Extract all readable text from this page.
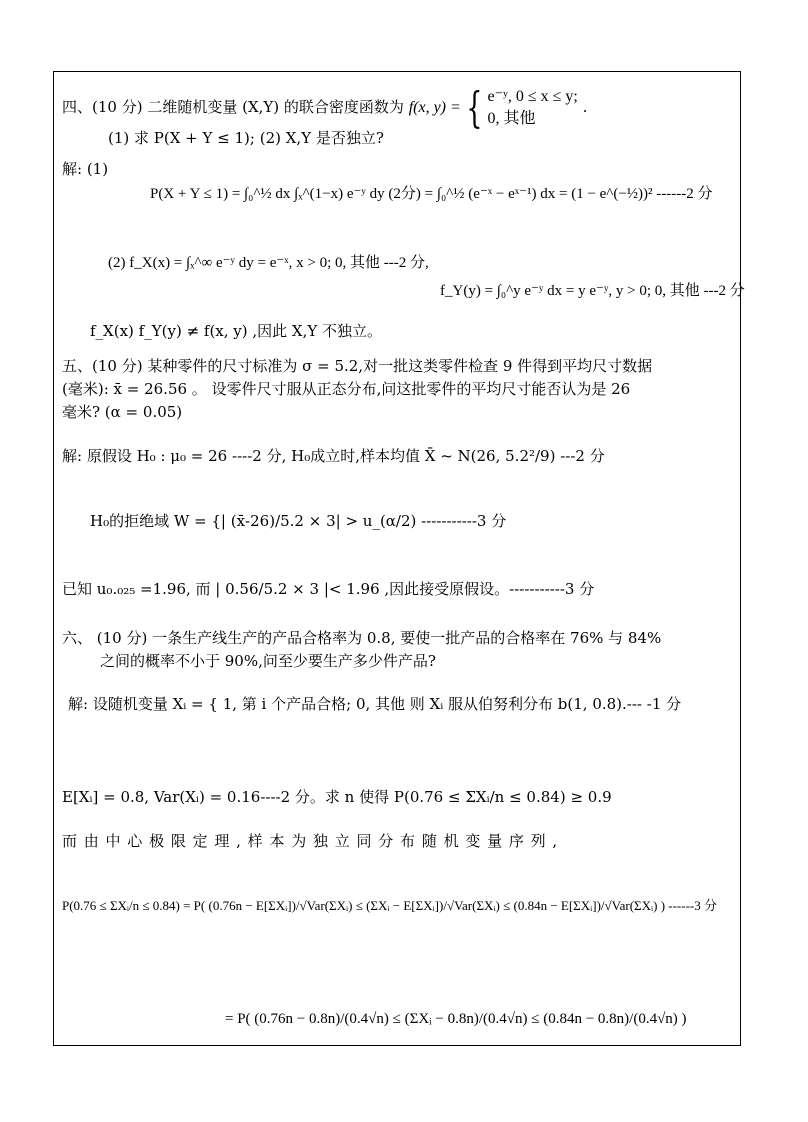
四、(10 分) 二维随机变量 (X,Y) 的联合密度函数为 f(x, y) = { e⁻ʸ, 0 ≤ x ≤ y;
0, 其他
.
(1) 求 P(X + Y ≤ 1); (2) X,Y 是否独立?
解: (1)
P(X + Y ≤ 1) = ∫₀^½ dx ∫ₓ^(1−x) e⁻ʸ dy (2分) = ∫₀^½ (e⁻ˣ − eˣ⁻¹) dx = (1 − e^(−½))² ------2 分
(2) f_X(x) = ∫ₓ^∞ e⁻ʸ dy = e⁻ˣ, x > 0; 0, 其他 ---2 分,
f_Y(y) = ∫₀^y e⁻ʸ dx = y e⁻ʸ, y > 0; 0, 其他 ---2 分
f_X(x) f_Y(y) ≠ f(x, y) ,因此 X,Y 不独立。
五、(10 分) 某种零件的尺寸标准为 σ = 5.2,对一批这类零件检查 9 件得到平均尺寸数据
(毫米): x̄ = 26.56 。 设零件尺寸服从正态分布,问这批零件的平均尺寸能否认为是 26
毫米? (α = 0.05)
解: 原假设 H₀ : μ₀ = 26 ----2 分, H₀成立时,样本均值 X̄ ~ N(26, 5.2²/9) ---2 分
H₀的拒绝域 W = {| (x̄-26)/5.2 × 3| > u_(α/2) -----------3 分
已知 u₀.₀₂₅ =1.96, 而 | 0.56/5.2 × 3 |< 1.96 ,因此接受原假设。-----------3 分
六、 (10 分) 一条生产线生产的产品合格率为 0.8, 要使一批产品的合格率在 76% 与 84%
之间的概率不小于 90%,问至少要生产多少件产品?
解: 设随机变量 Xᵢ = { 1, 第 i 个产品合格; 0, 其他 则 Xᵢ 服从伯努利分布 b(1, 0.8).--- -1 分
E[Xᵢ] = 0.8, Var(Xᵢ) = 0.16----2 分。求 n 使得 P(0.76 ≤ ΣXᵢ/n ≤ 0.84) ≥ 0.9
而 由 中 心 极 限 定 理 , 样 本 为 独 立 同 分 布 随 机 变 量 序 列 ,
P(0.76 ≤ ΣXᵢ/n ≤ 0.84) = P( (0.76n − E[ΣXᵢ])/√Var(ΣXᵢ) ≤ (ΣXᵢ − E[ΣXᵢ])/√Var(ΣXᵢ) ≤ (0.84n − E[ΣXᵢ])/√Var(ΣXᵢ) ) ------3 分
= P( (0.76n − 0.8n)/(0.4√n) ≤ (ΣXᵢ − 0.8n)/(0.4√n) ≤ (0.84n − 0.8n)/(0.4√n) )
